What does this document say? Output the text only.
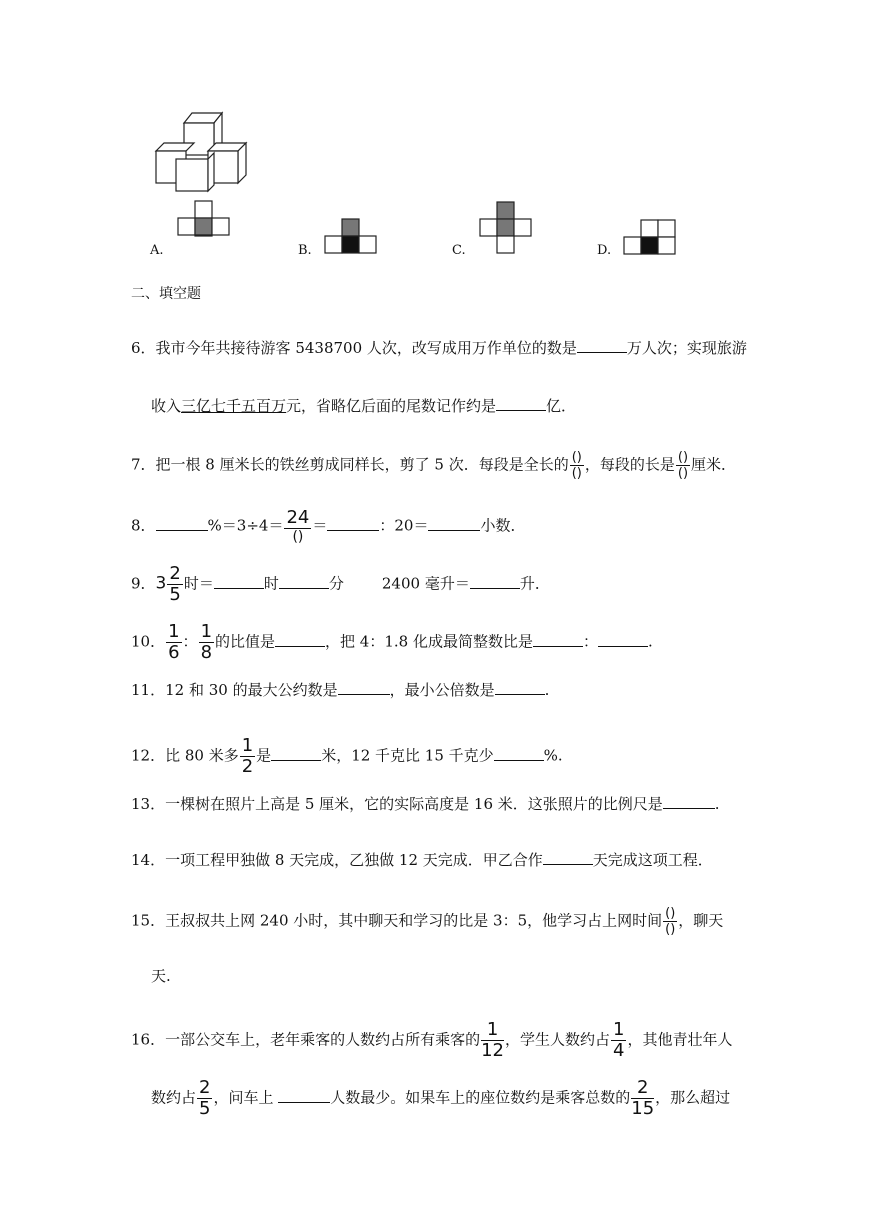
A.	B.	C.	D.
二、填空题
6．我市今年共接待游客 5438700 人次，改写成用万作单位的数是	万人次；实现旅游
收入三亿七千五百万元，省略亿后面的尾数记作约是	亿．
7．把一根 8 厘米长的铁丝剪成同样长，剪了 5 次．每段是全长的 $\frac{()}{()}$ ，每段的长是 $\frac{()}{()}$ 厘米．
8．	$\%=3\div 4= \frac{24}{()}$ ＝	：20＝	小数．
9．$3 \frac{2}{5}$ 时＝	时	分	2400 毫升＝	升．
10． $\frac{1}{6}$ ： $\frac{1}{8}$ 的比值是	，把 4：1.8 化成最简整数比是	：	.
11．12 和 30 的最大公约数是	，最小公倍数是	.
12．比 80 米多 $\frac{1}{2}$ 是	米，12 千克比 15 千克少	%.
13．一棵树在照片上高是 5 厘米，它的实际高度是 16 米．这张照片的比例尺是	.
14．一项工程甲独做 8 天完成，乙独做 12 天完成．甲乙合作	天完成这项工程．
15．王叔叔共上网 240 小时，其中聊天和学习的比是 3：5，他学习占上网时间 $\frac{()}{()}$ ，聊天
天.
16．一部公交车上，老年乘客的人数约占所有乘客的 $\frac{1}{12}$ ，学生人数约占 $\frac{1}{4}$ ，其他青壮年人
数约占 $\frac{2}{5}$ ，问车上	人数最少。如果车上的座位数约是乘客总数的 $\frac{2}{15}$ ，那么超过
